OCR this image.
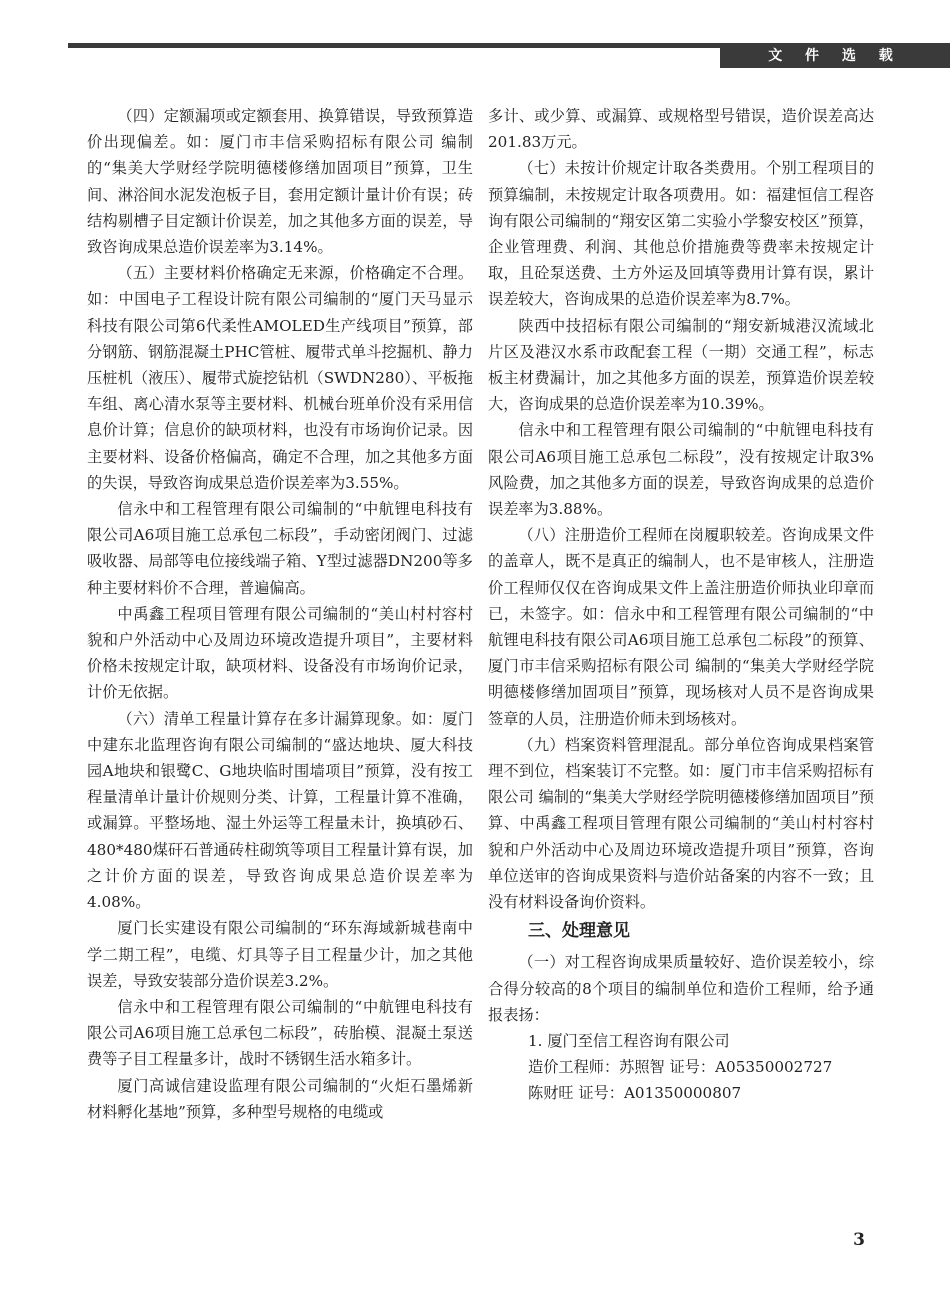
文 件 选 载

（四）定额漏项或定额套用、换算错误，导致预算造价出现偏差。如：厦门市丰信采购招标有限公司 编制的“集美大学财经学院明德楼修缮加固项目”预算，卫生间、淋浴间水泥发泡板子目，套用定额计量计价有误；砖结构剔槽子目定额计价误差，加之其他多方面的误差，导致咨询成果总造价误差率为3.14%。

（五）主要材料价格确定无来源，价格确定不合理。如：中国电子工程设计院有限公司编制的“厦门天马显示科技有限公司第6代柔性AMOLED生产线项目”预算，部分钢筋、钢筋混凝土PHC管桩、履带式单斗挖掘机、静力压桩机（液压）、履带式旋挖钻机（SWDN280）、平板拖车组、离心清水泵等主要材料、机械台班单价没有采用信息价计算；信息价的缺项材料，也没有市场询价记录。因主要材料、设备价格偏高，确定不合理，加之其他多方面的失误，导致咨询成果总造价误差率为3.55%。

信永中和工程管理有限公司编制的“中航锂电科技有限公司A6项目施工总承包二标段”，手动密闭阀门、过滤吸收器、局部等电位接线端子箱、Y型过滤器DN200等多种主要材料价不合理，普遍偏高。

中禹鑫工程项目管理有限公司编制的“美山村村容村貌和户外活动中心及周边环境改造提升项目”，主要材料价格未按规定计取，缺项材料、设备没有市场询价记录，计价无依据。

（六）清单工程量计算存在多计漏算现象。如：厦门中建东北监理咨询有限公司编制的“盛达地块、厦大科技园A地块和银鹭C、G地块临时围墙项目”预算，没有按工程量清单计量计价规则分类、计算，工程量计算不准确，或漏算。平整场地、湿土外运等工程量未计，换填砂石、480*480煤矸石普通砖柱砌筑等项目工程量计算有误，加之计价方面的误差，导致咨询成果总造价误差率为4.08%。

厦门长实建设有限公司编制的“环东海域新城巷南中学二期工程”，电缆、灯具等子目工程量少计，加之其他误差，导致安装部分造价误差3.2%。

信永中和工程管理有限公司编制的“中航锂电科技有限公司A6项目施工总承包二标段”，砖胎模、混凝土泵送费等子目工程量多计，战时不锈钢生活水箱多计。

厦门高诚信建设监理有限公司编制的“火炬石墨烯新材料孵化基地”预算，多种型号规格的电缆或

多计、或少算、或漏算、或规格型号错误，造价误差高达201.83万元。

（七）未按计价规定计取各类费用。个别工程项目的预算编制，未按规定计取各项费用。如：福建恒信工程咨询有限公司编制的“翔安区第二实验小学黎安校区”预算，企业管理费、利润、其他总价措施费等费率未按规定计取，且砼泵送费、土方外运及回填等费用计算有误，累计误差较大，咨询成果的总造价误差率为8.7%。

陕西中技招标有限公司编制的“翔安新城港汉流域北片区及港汉水系市政配套工程（一期）交通工程”，标志板主材费漏计，加之其他多方面的误差，预算造价误差较大，咨询成果的总造价误差率为10.39%。

信永中和工程管理有限公司编制的“中航锂电科技有限公司A6项目施工总承包二标段”，没有按规定计取3%风险费，加之其他多方面的误差，导致咨询成果的总造价误差率为3.88%。

（八）注册造价工程师在岗履职较差。咨询成果文件的盖章人，既不是真正的编制人，也不是审核人，注册造价工程师仅仅在咨询成果文件上盖注册造价师执业印章而已，未签字。如：信永中和工程管理有限公司编制的“中航锂电科技有限公司A6项目施工总承包二标段”的预算、厦门市丰信采购招标有限公司 编制的“集美大学财经学院明德楼修缮加固项目”预算，现场核对人员不是咨询成果签章的人员，注册造价师未到场核对。

（九）档案资料管理混乱。部分单位咨询成果档案管理不到位，档案装订不完整。如：厦门市丰信采购招标有限公司 编制的“集美大学财经学院明德楼修缮加固项目”预算、中禹鑫工程项目管理有限公司编制的“美山村村容村貌和户外活动中心及周边环境改造提升项目”预算，咨询单位送审的咨询成果资料与造价站备案的内容不一致；且没有材料设备询价资料。

三、处理意见

（一）对工程咨询成果质量较好、造价误差较小，综合得分较高的8个项目的编制单位和造价工程师，给予通报表扬：

1. 厦门至信工程咨询有限公司
造价工程师：苏照智 证号：A05350002727
陈财旺 证号：A01350000807
3
